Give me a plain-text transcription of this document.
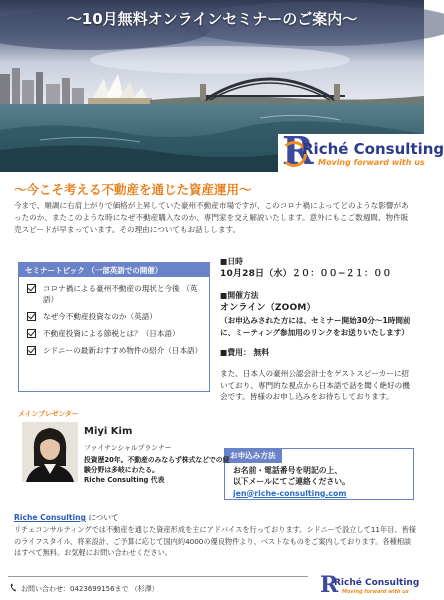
〜10月無料オンラインセミナーのご案内〜
R
Riché Consulting
Moving forward with us
〜今こそ考える不動産を通じた資産運用〜
今まで、順調に右肩上がりで価格が上昇していた豪州不動産市場ですが、このコロナ禍によってどのような影響があったのか、またこのような時になぜ不動産購入なのか、専門家を交え解説いたします。意外にもこご数週間、物件販売スピードが早まっています。その理由についてもお話しします。
セミナートピック （一部英語での開催）
コロナ禍による豪州不動産の現状と今後 （英語）
なぜ今不動産投資なのか（英語）
不動産投資による節税とは？（日本語）
シドニーの最新おすすめ物件の紹介（日本語）
■日時
10月28日（水）２０：００−２１：００
■開催方法
オンライン（ZOOM）
（お申込みされた方には、セミナー開始30分〜1時間前に、ミーティング参加用のリンクをお送りいたします）
■費用： 無料
また、日本人の豪州公認会計士をゲストスピーカーに招いており、専門的な視点から日本語で話を聞く絶好の機会です。皆様のお申し込みをお待ちしております。
お申込み方法
お名前・電話番号を明記の上、
以下メールにてご連絡ください。
jen@riche-consulting.com
メインプレゼンター
Miyi Kim
ファイナンシャルプランナー
投資歴20年。不動産のみならず株式などでの経験分野は多岐にわたる。
Riche Consulting 代表
Riche Consulting について
リチェコンサルティングでは不動産を通じた資産形成を主にアドバイスを行っております。シドニーで設立して11年目、皆様のライフスタイル、将来設計、ご予算に応じて国内約4000の優良物件より、ベストなものをご案内しております。各種相談はすべて無料。お気軽にお問い合わせください。
お問い合わせ：0423699156まで （杉澤）	R
Riché Consulting
Moving forward with us
